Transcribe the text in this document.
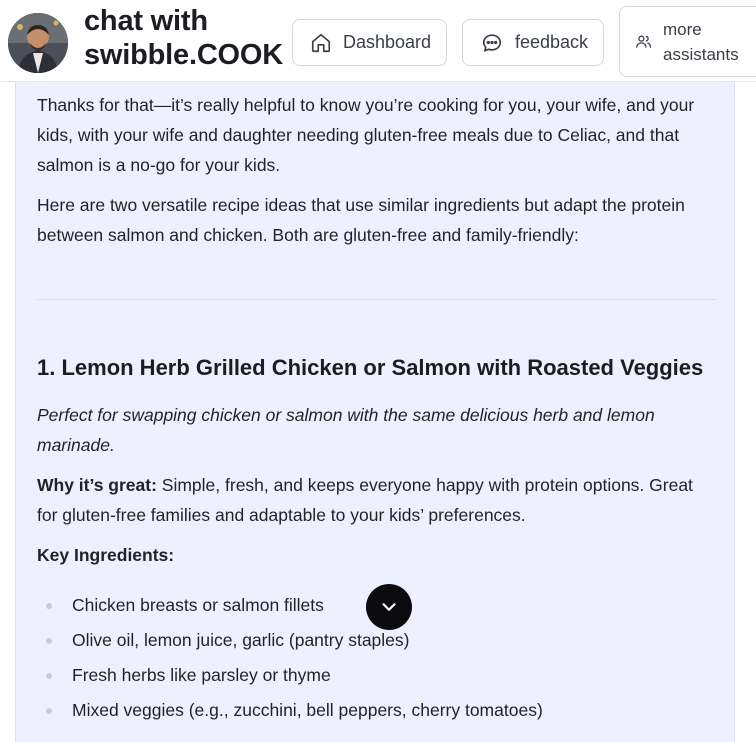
chat with
swibble.COOK	Dashboard	feedback
more assistants
Thanks for that—it’s really helpful to know you’re cooking for you, your wife, and your kids, with your wife and daughter needing gluten-free meals due to Celiac, and that salmon is a no-go for your kids.
Here are two versatile recipe ideas that use similar ingredients but adapt the protein between salmon and chicken. Both are gluten-free and family-friendly:
1. Lemon Herb Grilled Chicken or Salmon with Roasted Veggies
Perfect for swapping chicken or salmon with the same delicious herb and lemon marinade.
Why it’s great: Simple, fresh, and keeps everyone happy with protein options. Great for gluten-free families and adaptable to your kids’ preferences.
Key Ingredients:
Chicken breasts or salmon fillets
Olive oil, lemon juice, garlic (pantry staples)
Fresh herbs like parsley or thyme
Mixed veggies (e.g., zucchini, bell peppers, cherry tomatoes)
